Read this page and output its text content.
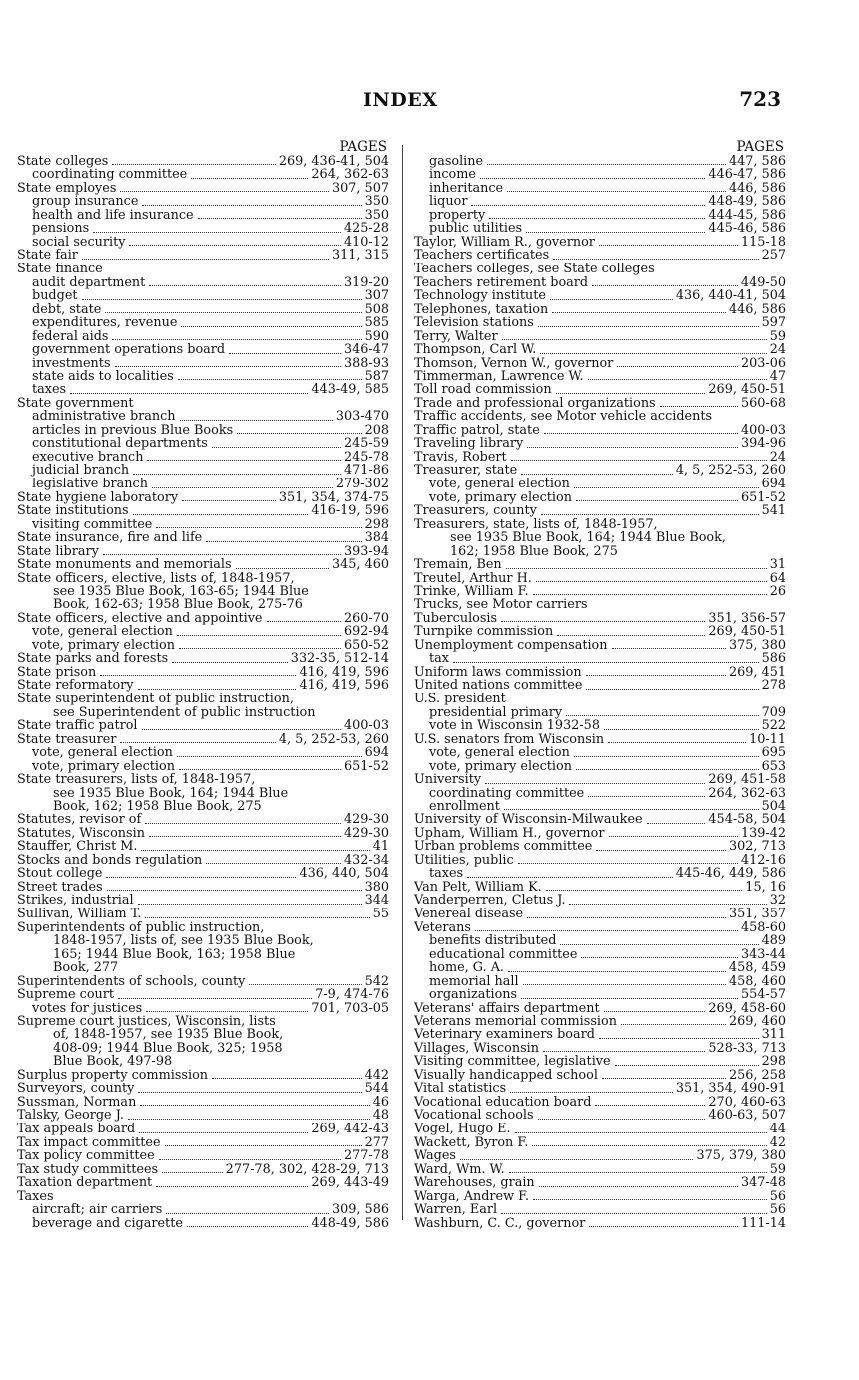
INDEX	723
PAGES
State colleges	269, 436-41, 504
coordinating committee	264, 362-63
State employes	307, 507
group insurance	350
health and life insurance	350
pensions	425-28
social security	410-12
State fair	311, 315
State finance
audit department	319-20
budget	307
debt, state	508
expenditures, revenue	585
federal aids	590
government operations board	346-47
investments	388-93
state aids to localities	587
taxes	443-49, 585
State government
administrative branch	303-470
articles in previous Blue Books	208
constitutional departments	245-59
executive branch	245-78
judicial branch	471-86
legislative branch	279-302
State hygiene laboratory	351, 354, 374-75
State institutions	416-19, 596
visiting committee	298
State insurance, fire and life	384
State library	393-94
State monuments and memorials	345, 460
State officers, elective, lists of, 1848-1957,
see 1935 Blue Book, 163-65; 1944 Blue
Book, 162-63; 1958 Blue Book, 275-76
State officers, elective and appointive	260-70
vote, general election	692-94
vote, primary election	650-52
State parks and forests	332-35, 512-14
State prison	416, 419, 596
State reformatory	416, 419, 596
State superintendent of public instruction,
see Superintendent of public instruction
State traffic patrol	400-03
State treasurer	4, 5, 252-53, 260
vote, general election	694
vote, primary election	651-52
State treasurers, lists of, 1848-1957,
see 1935 Blue Book, 164; 1944 Blue
Book, 162; 1958 Blue Book, 275
Statutes, revisor of	429-30
Statutes, Wisconsin	429-30
Stauffer, Christ M.	41
Stocks and bonds regulation	432-34
Stout college	436, 440, 504
Street trades	380
Strikes, industrial	344
Sullivan, William T.	55
Superintendents of public instruction,
1848-1957, lists of, see 1935 Blue Book,
165; 1944 Blue Book, 163; 1958 Blue
Book, 277
Superintendents of schools, county	542
Supreme court	7-9, 474-76
votes for justices	701, 703-05
Supreme court justices, Wisconsin, lists
of, 1848-1957, see 1935 Blue Book,
408-09; 1944 Blue Book, 325; 1958
Blue Book, 497-98
Surplus property commission	442
Surveyors, county	544
Sussman, Norman	46
Talsky, George J.	48
Tax appeals board	269, 442-43
Tax impact committee	277
Tax policy committee	277-78
Tax study committees	277-78, 302, 428-29, 713
Taxation department	269, 443-49
Taxes
aircraft; air carriers	309, 586
beverage and cigarette	448-49, 586
PAGES
gasoline	447, 586
income	446-47, 586
inheritance	446, 586
liquor	448-49, 586
property	444-45, 586
public utilities	445-46, 586
Taylor, William R., governor	115-18
Teachers certificates	257
Teachers colleges, see State colleges
Teachers retirement board	449-50
Technology institute	436, 440-41, 504
Telephones, taxation	446, 586
Television stations	597
Terry, Walter	59
Thompson, Carl W.	24
Thomson, Vernon W., governor	203-06
Timmerman, Lawrence W.	47
Toll road commission	269, 450-51
Trade and professional organizations	560-68
Traffic accidents, see Motor vehicle accidents
Traffic patrol, state	400-03
Traveling library	394-96
Travis, Robert	24
Treasurer, state	4, 5, 252-53, 260
vote, general election	694
vote, primary election	651-52
Treasurers, county	541
Treasurers, state, lists of, 1848-1957,
see 1935 Blue Book, 164; 1944 Blue Book,
162; 1958 Blue Book, 275
Tremain, Ben	31
Treutel, Arthur H.	64
Trinke, William F.	26
Trucks, see Motor carriers
Tuberculosis	351, 356-57
Turnpike commission	269, 450-51
Unemployment compensation	375, 380
tax	586
Uniform laws commission	269, 451
United nations committee	278
U.S. president
presidential primary	709
vote in Wisconsin 1932-58	522
U.S. senators from Wisconsin	10-11
vote, general election	695
vote, primary election	653
University	269, 451-58
coordinating committee	264, 362-63
enrollment	504
University of Wisconsin-Milwaukee	454-58, 504
Upham, William H., governor	139-42
Urban problems committee	302, 713
Utilities, public	412-16
taxes	445-46, 449, 586
Van Pelt, William K.	15, 16
Vanderperren, Cletus J.	32
Venereal disease	351, 357
Veterans	458-60
benefits distributed	489
educational committee	343-44
home, G. A.	458, 459
memorial hall	458, 460
organizations	554-57
Veterans' affairs department	269, 458-60
Veterans memorial commission	269, 460
Veterinary examiners board	311
Villages, Wisconsin	528-33, 713
Visiting committee, legislative	298
Visually handicapped school	256, 258
Vital statistics	351, 354, 490-91
Vocational education board	270, 460-63
Vocational schools	460-63, 507
Vogel, Hugo E.	44
Wackett, Byron F.	42
Wages	375, 379, 380
Ward, Wm. W.	59
Warehouses, grain	347-48
Warga, Andrew F.	56
Warren, Earl	56
Washburn, C. C., governor	111-14
